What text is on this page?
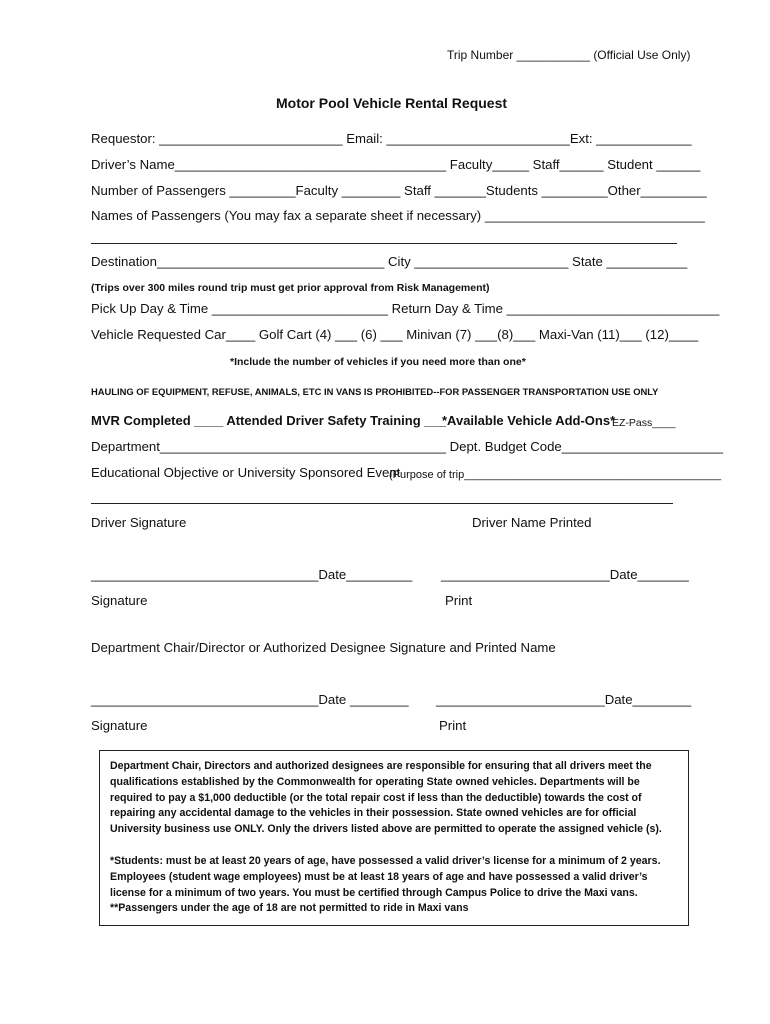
Trip Number ___________ (Official Use Only)
Motor Pool Vehicle Rental Request
Requestor: _________________________ Email: _________________________Ext: _____________
Driver’s Name_____________________________________ Faculty_____ Staff______ Student ______
Number of Passengers _________Faculty ________ Staff _______Students _________Other_________
Names of Passengers (You may fax a separate sheet if necessary) ______________________________
Destination_______________________________ City _____________________ State ___________
(Trips over 300 miles round trip must get prior approval from Risk Management)
Pick Up Day & Time ________________________ Return Day & Time _____________________________
Vehicle Requested Car____ Golf Cart (4) ___ (6) ___ Minivan (7) ___(8)___ Maxi-Van (11)___ (12)____
*Include the number of vehicles if you need more than one*
HAULING OF EQUIPMENT, REFUSE, ANIMALS, ETC IN VANS IS PROHIBITED--FOR PASSENGER TRANSPORTATION USE ONLY
MVR Completed ____ Attended Driver Safety Training ___
*Available Vehicle Add-Ons*
EZ-Pass____
Department_______________________________________ Dept. Budget Code______________________
Educational Objective or University Sponsored Event
(Purpose of trip__________________________________________
Driver Signature	Driver Name Printed
_______________________________Date_________ _______________________Date_______
Signature	Print
Department Chair/Director or Authorized Designee Signature and Printed Name
_______________________________Date ________ _______________________Date________
Signature	Print

Department Chair, Directors and authorized designees are responsible for ensuring that all drivers meet the qualifications established by the Commonwealth for operating State owned vehicles. Departments will be required to pay a $1,000 deductible (or the total repair cost if less than the deductible) towards the cost of repairing any accidental damage to the vehicles in their possession. State owned vehicles are for official University business use ONLY. Only the drivers listed above are permitted to operate the assigned vehicle (s).

*Students: must be at least 20 years of age, have possessed a valid driver’s license for a minimum of 2 years. Employees (student wage employees) must be at least 18 years of age and have possessed a valid driver’s license for a minimum of two years. You must be certified through Campus Police to drive the Maxi vans.

**Passengers under the age of 18 are not permitted to ride in Maxi vans
